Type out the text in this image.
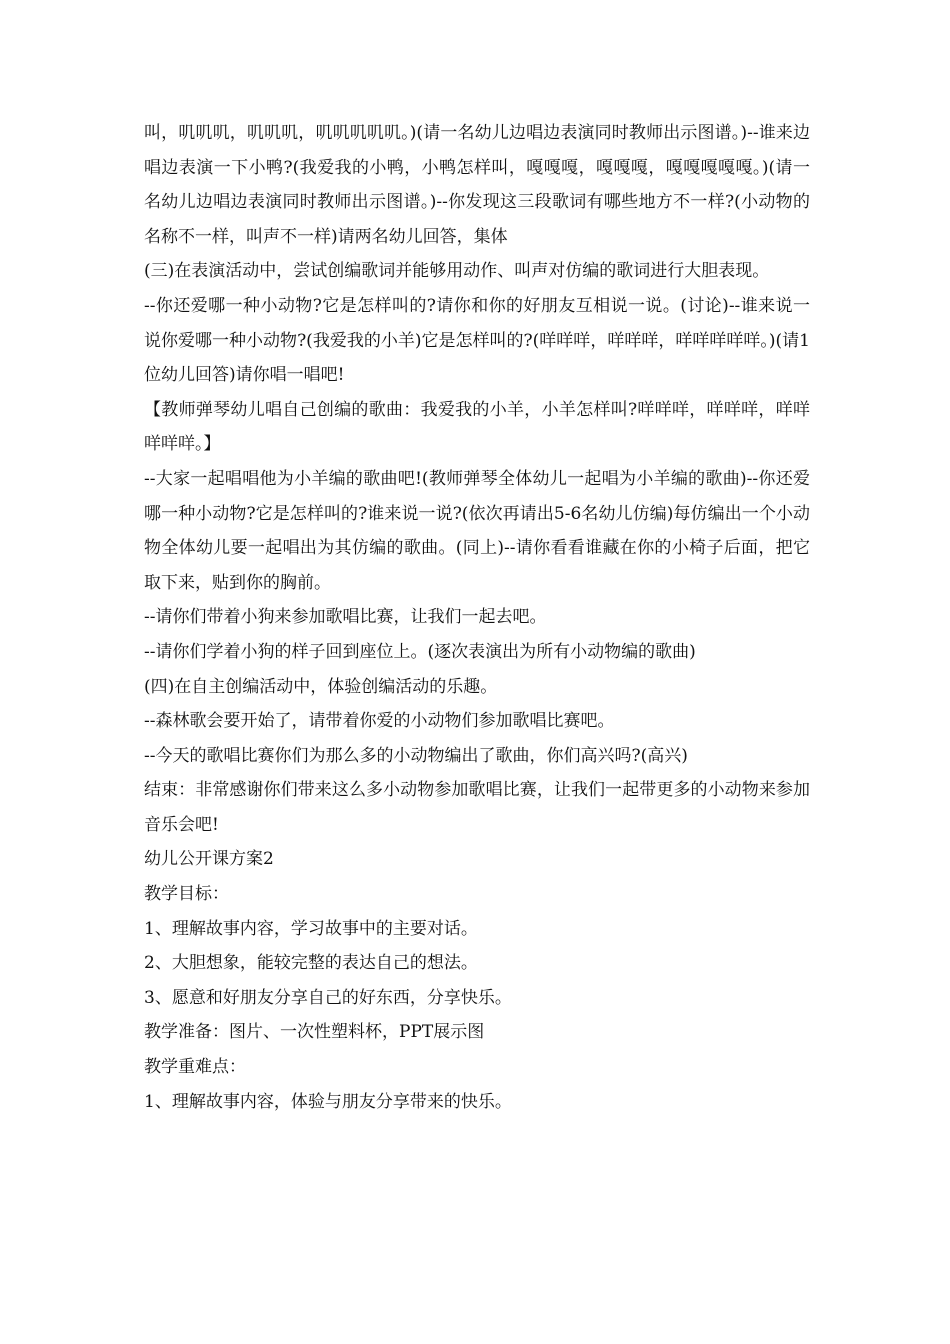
叫，叽叽叽，叽叽叽，叽叽叽叽叽。)(请一名幼儿边唱边表演同时教师出示图谱。)--谁来边唱边表演一下小鸭?(我爱我的小鸭，小鸭怎样叫，嘎嘎嘎，嘎嘎嘎，嘎嘎嘎嘎嘎。)(请一名幼儿边唱边表演同时教师出示图谱。)--你发现这三段歌词有哪些地方不一样?(小动物的名称不一样，叫声不一样)请两名幼儿回答，集体

(三)在表演活动中，尝试创编歌词并能够用动作、叫声对仿编的歌词进行大胆表现。

--你还爱哪一种小动物?它是怎样叫的?请你和你的好朋友互相说一说。(讨论)--谁来说一说你爱哪一种小动物?(我爱我的小羊)它是怎样叫的?(咩咩咩，咩咩咩，咩咩咩咩咩。)(请1位幼儿回答)请你唱一唱吧!

【教师弹琴幼儿唱自己创编的歌曲：我爱我的小羊，小羊怎样叫?咩咩咩，咩咩咩，咩咩咩咩咩。】

--大家一起唱唱他为小羊编的歌曲吧!(教师弹琴全体幼儿一起唱为小羊编的歌曲)--你还爱哪一种小动物?它是怎样叫的?谁来说一说?(依次再请出5-6名幼儿仿编)每仿编出一个小动物全体幼儿要一起唱出为其仿编的歌曲。(同上)--请你看看谁藏在你的小椅子后面，把它取下来，贴到你的胸前。

--请你们带着小狗来参加歌唱比赛，让我们一起去吧。

--请你们学着小狗的样子回到座位上。(逐次表演出为所有小动物编的歌曲)

(四)在自主创编活动中，体验创编活动的乐趣。

--森林歌会要开始了，请带着你爱的小动物们参加歌唱比赛吧。

--今天的歌唱比赛你们为那么多的小动物编出了歌曲，你们高兴吗?(高兴)

结束：非常感谢你们带来这么多小动物参加歌唱比赛，让我们一起带更多的小动物来参加音乐会吧!

幼儿公开课方案2

教学目标：

1、理解故事内容，学习故事中的主要对话。

2、大胆想象，能较完整的表达自己的想法。

3、愿意和好朋友分享自己的好东西，分享快乐。

教学准备：图片、一次性塑料杯，PPT展示图

教学重难点：

1、理解故事内容，体验与朋友分享带来的快乐。
